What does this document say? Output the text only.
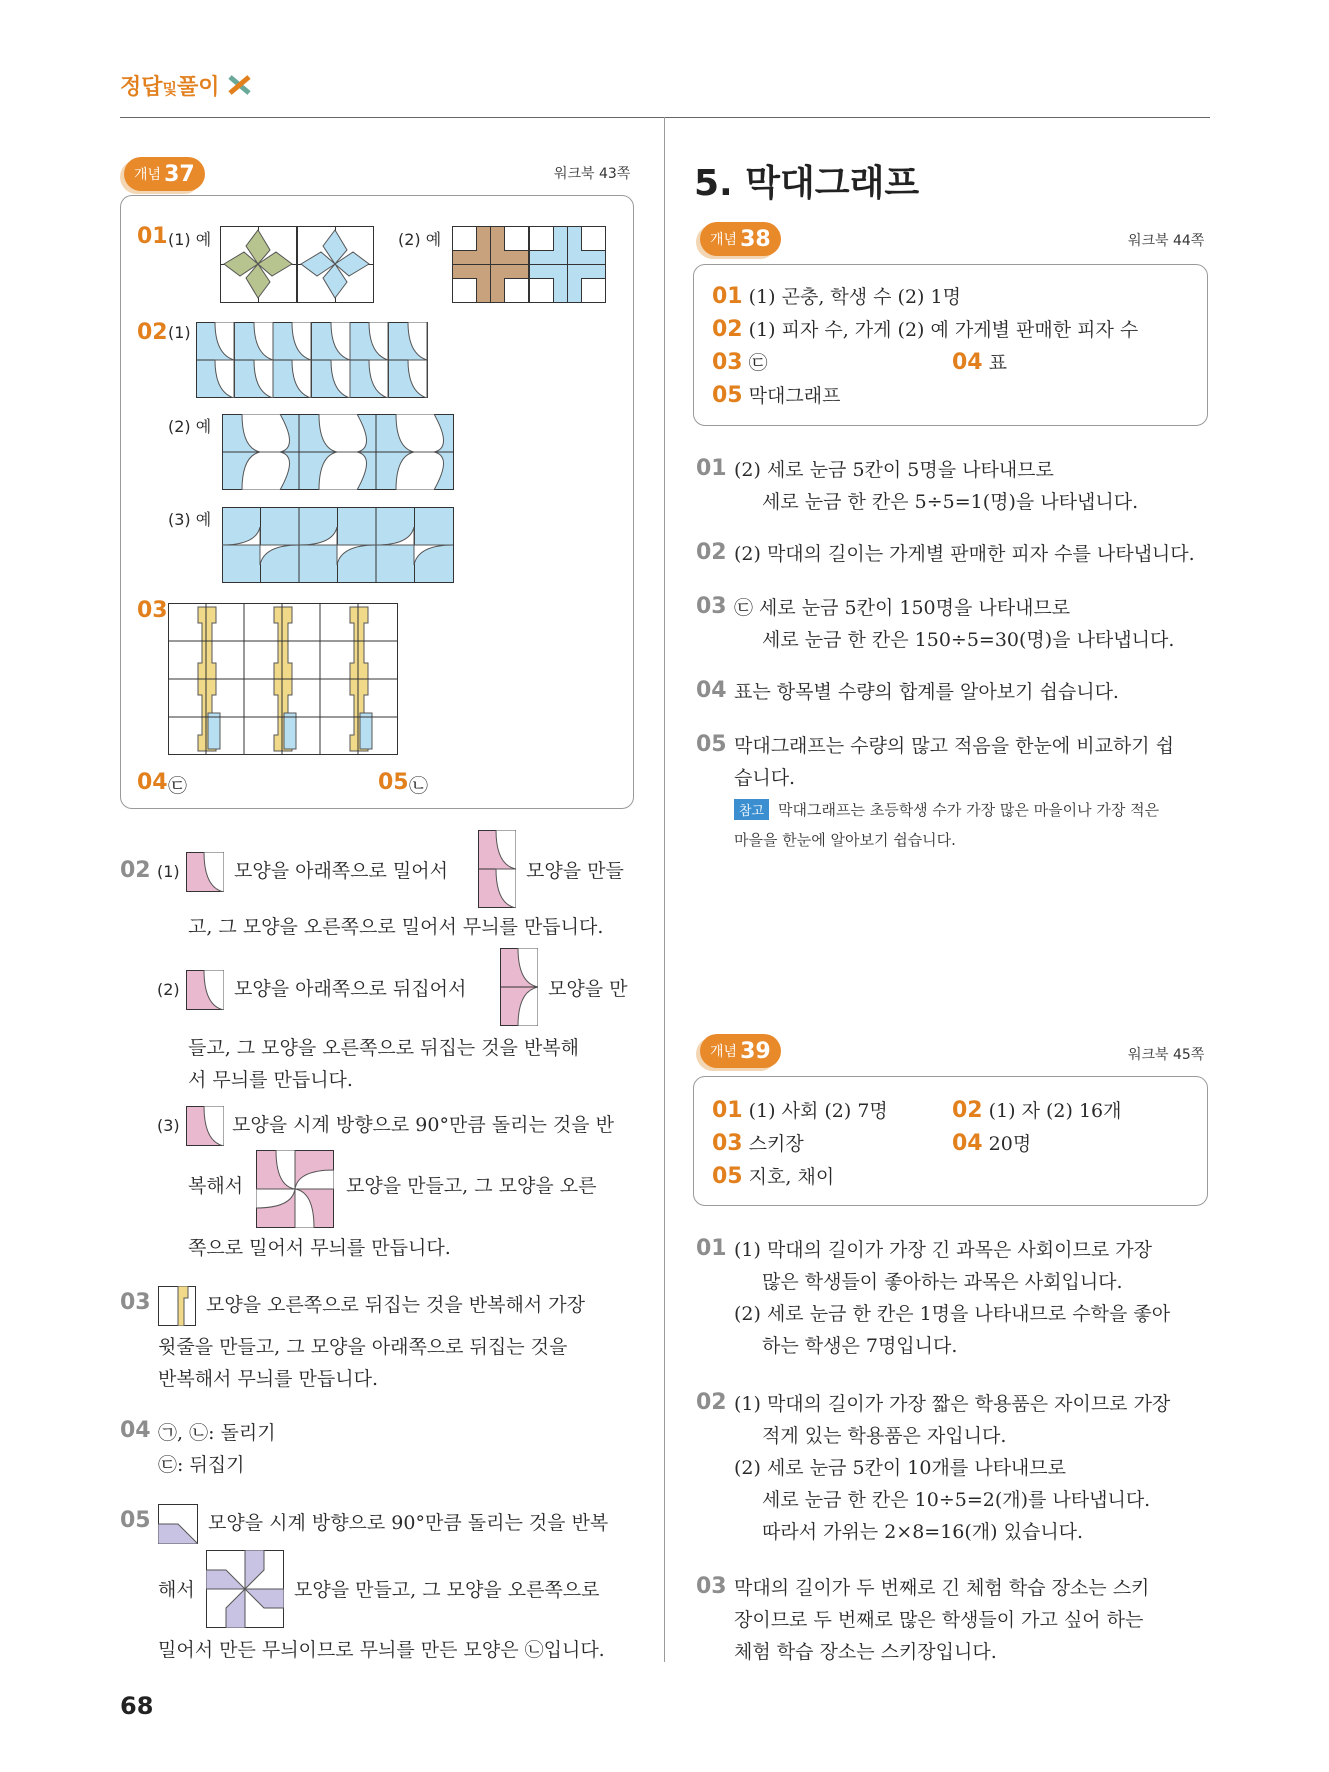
정답및풀이
개념 37	워크북 43쪽
01 (1) 예	(2) 예
02 (1)
(2) 예
(3) 예
03
04 ㉢	05 ㉡
02 (1)	모양을 아래쪽으로 밀어서	모양을 만들
고, 그 모양을 오른쪽으로 밀어서 무늬를 만듭니다.
(2)	모양을 아래쪽으로 뒤집어서	모양을 만
들고, 그 모양을 오른쪽으로 뒤집는 것을 반복해
서 무늬를 만듭니다.
(3)	모양을 시계 방향으로 90°만큼 돌리는 것을 반
복해서	모양을 만들고, 그 모양을 오른
쪽으로 밀어서 무늬를 만듭니다.
03	모양을 오른쪽으로 뒤집는 것을 반복해서 가장
윗줄을 만들고, 그 모양을 아래쪽으로 뒤집는 것을
반복해서 무늬를 만듭니다.
04 ㉠, ㉡: 돌리기
㉢: 뒤집기
05	모양을 시계 방향으로 90°만큼 돌리는 것을 반복
해서	모양을 만들고, 그 모양을 오른쪽으로
밀어서 만든 무늬이므로 무늬를 만든 모양은 ㉡입니다.
68
5. 막대그래프
개념 38	워크북 44쪽
01 (1) 곤충, 학생 수 (2) 1명
02 (1) 피자 수, 가게 (2) 예 가게별 판매한 피자 수
03 ㉢	04 표
05 막대그래프
01 (2) 세로 눈금 5칸이 5명을 나타내므로
세로 눈금 한 칸은 5÷5=1(명)을 나타냅니다.
02 (2) 막대의 길이는 가게별 판매한 피자 수를 나타냅니다.
03 ㉢ 세로 눈금 5칸이 150명을 나타내므로
세로 눈금 한 칸은 150÷5=30(명)을 나타냅니다.
04 표는 항목별 수량의 합계를 알아보기 쉽습니다.
05 막대그래프는 수량의 많고 적음을 한눈에 비교하기 쉽
습니다.
참고 막대그래프는 초등학생 수가 가장 많은 마을이나 가장 적은
마을을 한눈에 알아보기 쉽습니다.
개념 39	워크북 45쪽
01 (1) 사회 (2) 7명	02 (1) 자 (2) 16개
03 스키장	04 20명
05 지호, 채이
01 (1) 막대의 길이가 가장 긴 과목은 사회이므로 가장
많은 학생들이 좋아하는 과목은 사회입니다.
(2) 세로 눈금 한 칸은 1명을 나타내므로 수학을 좋아
하는 학생은 7명입니다.
02 (1) 막대의 길이가 가장 짧은 학용품은 자이므로 가장
적게 있는 학용품은 자입니다.
(2) 세로 눈금 5칸이 10개를 나타내므로
세로 눈금 한 칸은 10÷5=2(개)를 나타냅니다.
따라서 가위는 2×8=16(개) 있습니다.
03 막대의 길이가 두 번째로 긴 체험 학습 장소는 스키
장이므로 두 번째로 많은 학생들이 가고 싶어 하는
체험 학습 장소는 스키장입니다.
